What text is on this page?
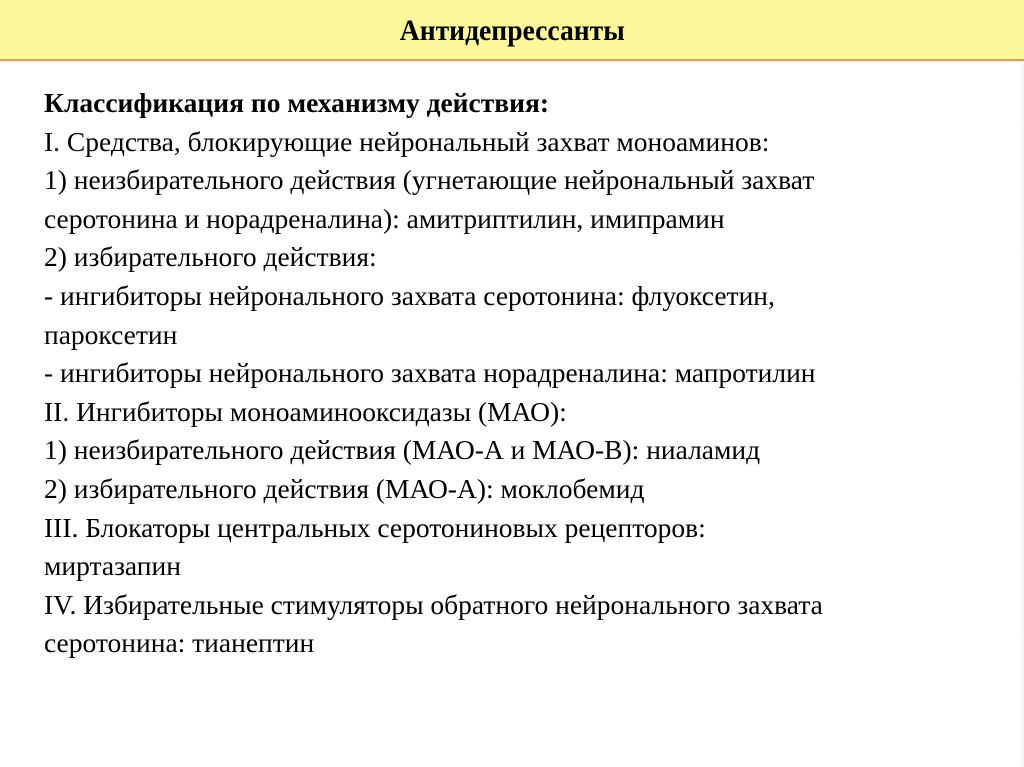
Антидепрессанты
Классификация по механизму действия:
I. Средства, блокирующие нейрональный захват моноаминов:
1) неизбирательного действия (угнетающие нейрональный захват
серотонина и норадреналина): амитриптилин, имипрамин
2) избирательного действия:
- ингибиторы нейронального захвата серотонина: флуоксетин,
пароксетин
- ингибиторы нейронального захвата норадреналина: мапротилин
II. Ингибиторы моноаминооксидазы (МАО):
1) неизбирательного действия (МАО-А и МАО-В): ниаламид
2) избирательного действия (МАО-А): моклобемид
III. Блокаторы центральных серотониновых рецепторов:
миртазапин
IV. Избирательные стимуляторы обратного нейронального захвата
серотонина: тианептин
